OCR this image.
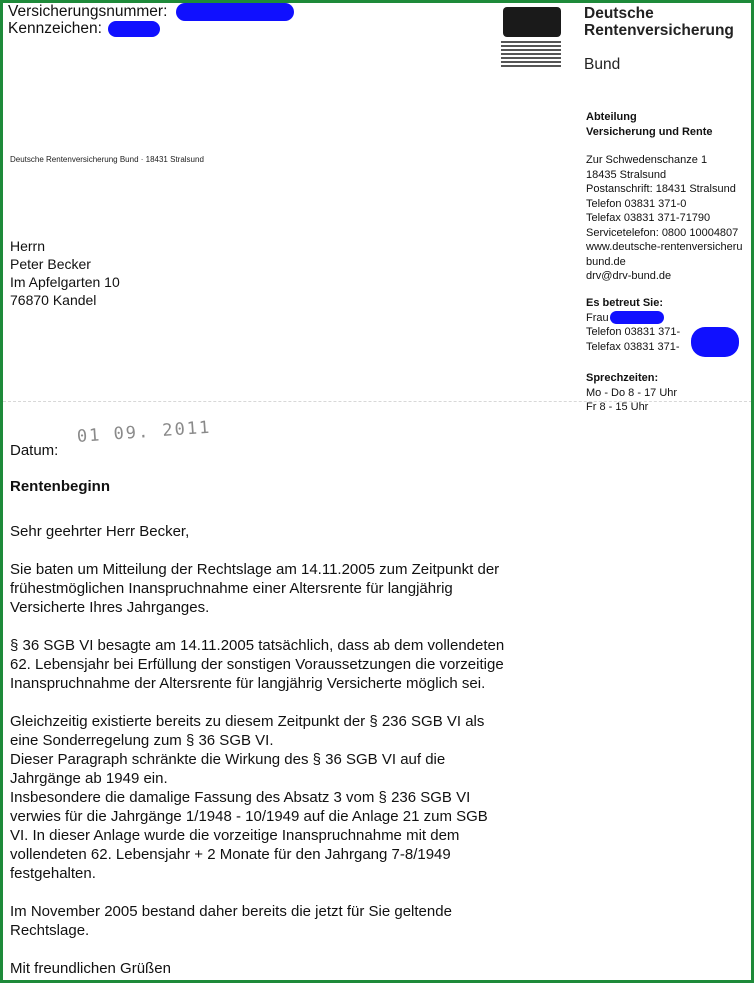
Versicherungsnummer:
Kennzeichen:
Deutsche
Rentenversicherung
Bund
Abteilung
Versicherung und Rente
Zur Schwedenschanze 1
18435 Stralsund
Postanschrift: 18431 Stralsund
Telefon 03831 371-0
Telefax 03831 371-71790
Servicetelefon: 0800 10004807
www.deutsche-rentenversicheru
bund.de
drv@drv-bund.de
Es betreut Sie:
Frau
Telefon 03831 371-
Telefax 03831 371-
Sprechzeiten:
Mo - Do 8 - 17 Uhr
Fr 8 - 15 Uhr
Deutsche Rentenversicherung Bund · 18431 Stralsund
Herrn
Peter Becker
Im Apfelgarten 10
76870 Kandel
Datum:
01 09. 2011
Rentenbeginn

Sehr geehrter Herr Becker,

Sie baten um Mitteilung der Rechtslage am 14.11.2005 zum Zeitpunkt der
frühestmöglichen Inanspruchnahme einer Altersrente für langjährig
Versicherte Ihres Jahrganges.

§ 36 SGB VI besagte am 14.11.2005 tatsächlich, dass ab dem vollendeten
62. Lebensjahr bei Erfüllung der sonstigen Voraussetzungen die vorzeitige
Inanspruchnahme der Altersrente für langjährig Versicherte möglich sei.

Gleichzeitig existierte bereits zu diesem Zeitpunkt der § 236 SGB VI als
eine Sonderregelung zum § 36 SGB VI.
Dieser Paragraph schränkte die Wirkung des § 36 SGB VI auf die
Jahrgänge ab 1949 ein.
Insbesondere die damalige Fassung des Absatz 3 vom § 236 SGB VI
verwies für die Jahrgänge 1/1948 - 10/1949 auf die Anlage 21 zum SGB
VI. In dieser Anlage wurde die vorzeitige Inanspruchnahme mit dem
vollendeten 62. Lebensjahr + 2 Monate für den Jahrgang 7-8/1949
festgehalten.

Im November 2005 bestand daher bereits die jetzt für Sie geltende
Rechtslage.

Mit freundlichen Grüßen
